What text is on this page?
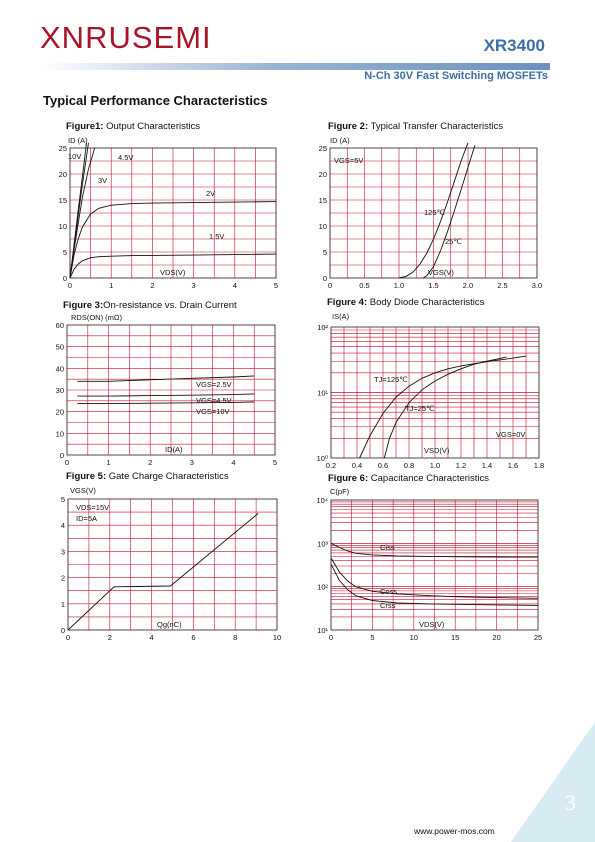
XNRUSEMI	XR3400
N-Ch 30V Fast Switching MOSFETs
Typical Performance Characteristics
Figure1: Output Characteristics	Figure 2: Typical Transfer Characteristics
Figure 3:On-resistance vs. Drain Current	Figure 4: Body Diode Characteristics
Figure 5: Gate Charge Characteristics	Figure 6: Capacitance Characteristics
0	1	2	3	4	5
0
5
10
15
20
25
ID (A)
VDS(V)
10V	4.5V
3V
2V
1.5V
0	0.5	1.0	1.5	2.0	2.5	3.0
0
5
10
15
20
25
ID (A)
VGS(V)
VGS=5V
125℃
25℃
0	1	2	3	4	5
0
10
20
30
40
50
60
RDS(ON) (mΩ)
ID(A)
VGS=2.5V
VGS=4.5V
VGS=10V
0.2 0.4 0.6 0.8 1.0 1.2 1.4 1.6 1.8
10⁰
10¹
10²
IS(A)
VSD(V)
TJ=125℃
TJ=25℃
VGS=0V
0	2	4	6	8	10
0
1
2
3
4
5
VGS(V)
Qg(nC)
VDS=15V
ID=5A
0	5	10	15	20	25
10¹
10²
10³
10⁴
C(pF)
VDS(V)
Ciss
Coss
Crss
3
www.power-mos.com
